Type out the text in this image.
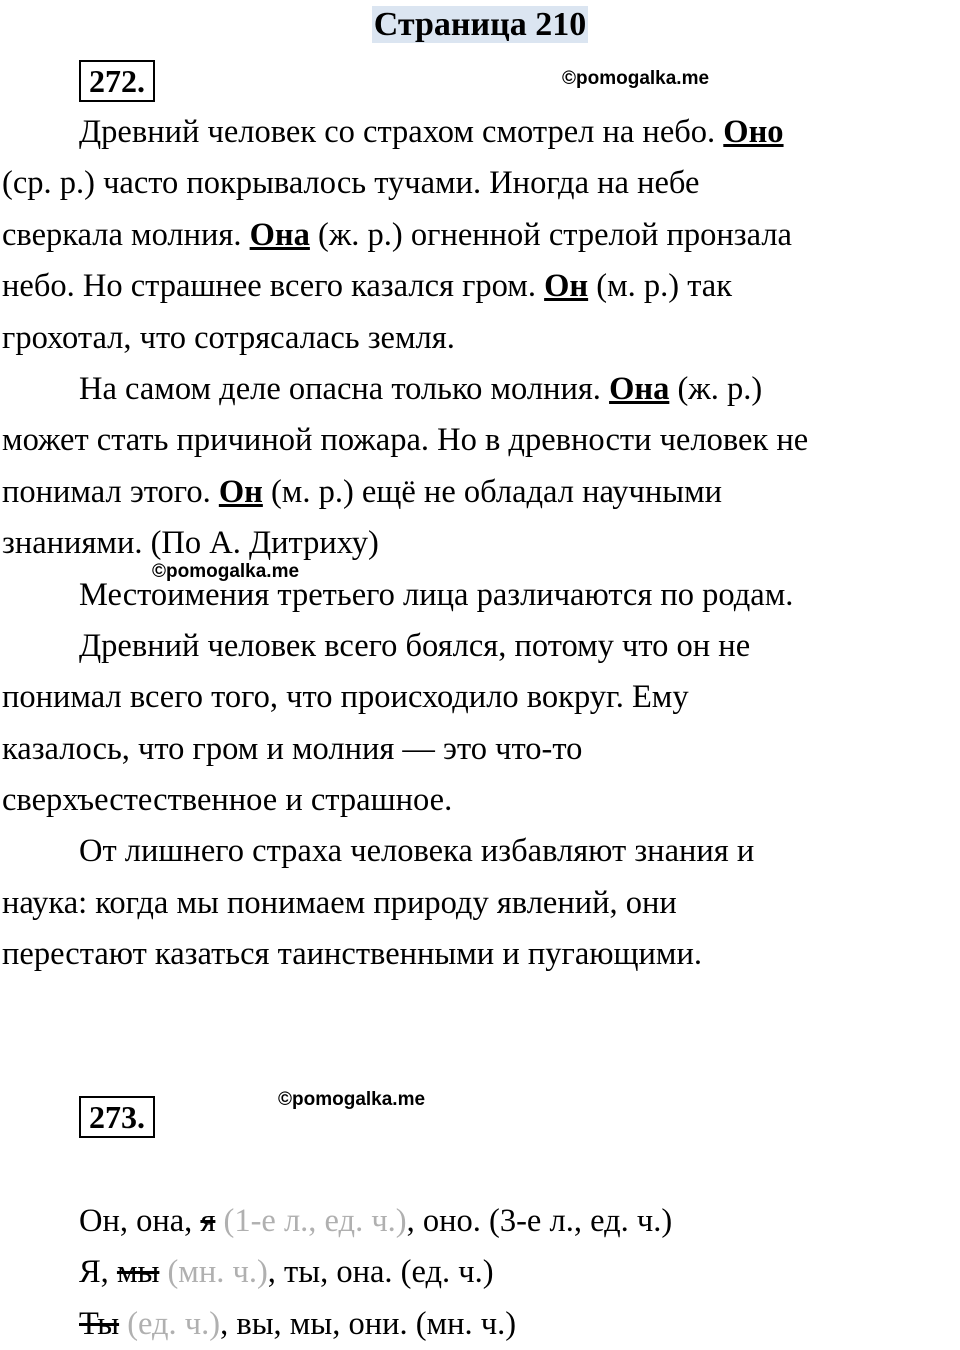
Страница 210
272.	©pomogalka.me
Древний человек со страхом смотрел на небо. Оно
(ср. р.) часто покрывалось тучами. Иногда на небе
сверкала молния. Она (ж. р.) огненной стрелой пронзала
небо. Но страшнее всего казался гром. Он (м. р.) так
грохотал, что сотрясалась земля.
На самом деле опасна только молния. Она (ж. р.)
может стать причиной пожара. Но в древности человек не
понимал этого. Он (м. р.) ещё не обладал научными
знаниями. (По А. Дитриху)
Местоимения третьего лица различаются по родам.
Древний человек всего боялся, потому что он не
понимал всего того, что происходило вокруг. Ему
казалось, что гром и молния — это что-то
сверхъестественное и страшное.
От лишнего страха человека избавляют знания и
наука: когда мы понимаем природу явлений, они
перестают казаться таинственными и пугающими.
©pomogalka.me
273.	©pomogalka.me
Он, она, я (1-е л., ед. ч.), оно. (3-е л., ед. ч.)
Я, мы (мн. ч.), ты, она. (ед. ч.)
Ты (ед. ч.), вы, мы, они. (мн. ч.)
